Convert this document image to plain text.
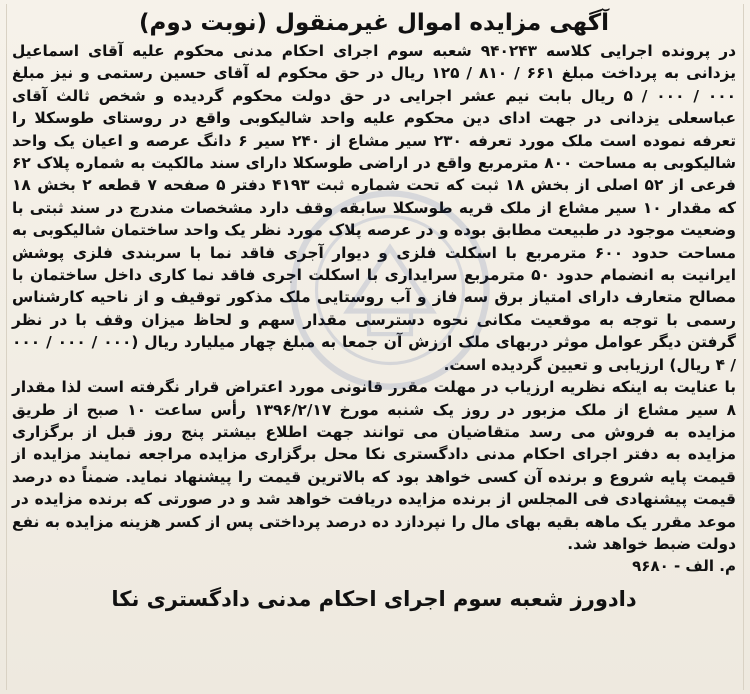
آگهی مزایده اموال غیرمنقول (نوبت دوم)

در پرونده اجرایی کلاسه ۹۴۰۲۴۳ شعبه سوم اجرای احکام مدنی محکوم علیه آقای اسماعیل یزدانی به پرداخت مبلغ ۶۶۱ / ۸۱۰ / ۱۲۵ ریال در حق محکوم له آقای حسین رستمی و نیز مبلغ ۰۰۰ / ۰۰۰ / ۵ ریال بابت نیم عشر اجرایی در حق دولت محکوم گردیده و شخص ثالث آقای عباسعلی یزدانی در جهت ادای دین محکوم علیه واحد شالیکوبی واقع در روستای طوسکلا را تعرفه نموده است ملک مورد تعرفه ۲۳۰ سیر مشاع از ۲۴۰ سیر ۶ دانگ عرصه و اعیان یک واحد شالیکوبی به مساحت ۸۰۰ مترمربع واقع در اراضی طوسکلا دارای سند مالکیت به شماره پلاک ۶۲ فرعی از ۵۲ اصلی از بخش ۱۸ ثبت که تحت شماره ثبت ۴۱۹۳ دفتر ۵ صفحه ۷ قطعه ۲ بخش ۱۸ که مقدار ۱۰ سیر مشاع از ملک قریه طوسکلا سابقه وقف دارد مشخصات مندرج در سند ثبتی با وضعیت موجود در طبیعت مطابق بوده و در عرصه پلاک مورد نظر یک واحد ساختمان شالیکوبی به مساحت حدود ۶۰۰ مترمربع با اسکلت فلزی و دیوار آجری فاقد نما با سربندی فلزی پوشش ایرانیت به انضمام حدود ۵۰ مترمربع سرایداری با اسکلت اجری فاقد نما کاری داخل ساختمان با مصالح متعارف دارای امتیاز برق سه فاز و آب روستایی ملک مذکور توقیف و از ناحیه کارشناس رسمی با توجه به موقعیت مکانی نحوه دسترسی مقدار سهم و لحاظ میزان وقف با در نظر گرفتن دیگر عوامل موثر دربهای ملک ارزش آن جمعا به مبلغ چهار میلیارد ریال (۰۰۰ / ۰۰۰ / ۰۰۰ / ۴ ریال) ارزیابی و تعیین گردیده است.

با عنایت به اینکه نظریه ارزیاب در مهلت مقرر قانونی مورد اعتراض قرار نگرفته است لذا مقدار ۸ سیر مشاع از ملک مزبور در روز یک شنبه مورخ ۱۳۹۶/۲/۱۷ رأس ساعت ۱۰ صبح از طریق مزایده به فروش می رسد متقاضیان می توانند جهت اطلاع بیشتر پنج روز قبل از برگزاری مزایده به دفتر اجرای احکام مدنی دادگستری نکا محل برگزاری مزایده مراجعه نمایند مزایده از قیمت پایه شروع و برنده آن کسی خواهد بود که بالاترین قیمت را پیشنهاد نماید. ضمناً ده درصد قیمت پیشنهادی فی المجلس از برنده مزایده دریافت خواهد شد و در صورتی که برنده مزایده در موعد مقرر یک ماهه بقیه بهای مال را نپردازد ده درصد پرداختی پس از کسر هزینه مزایده به نفع دولت ضبط خواهد شد.

م. الف - ۹۶۸۰
دادورز شعبه سوم اجرای احکام مدنی دادگستری نکا
